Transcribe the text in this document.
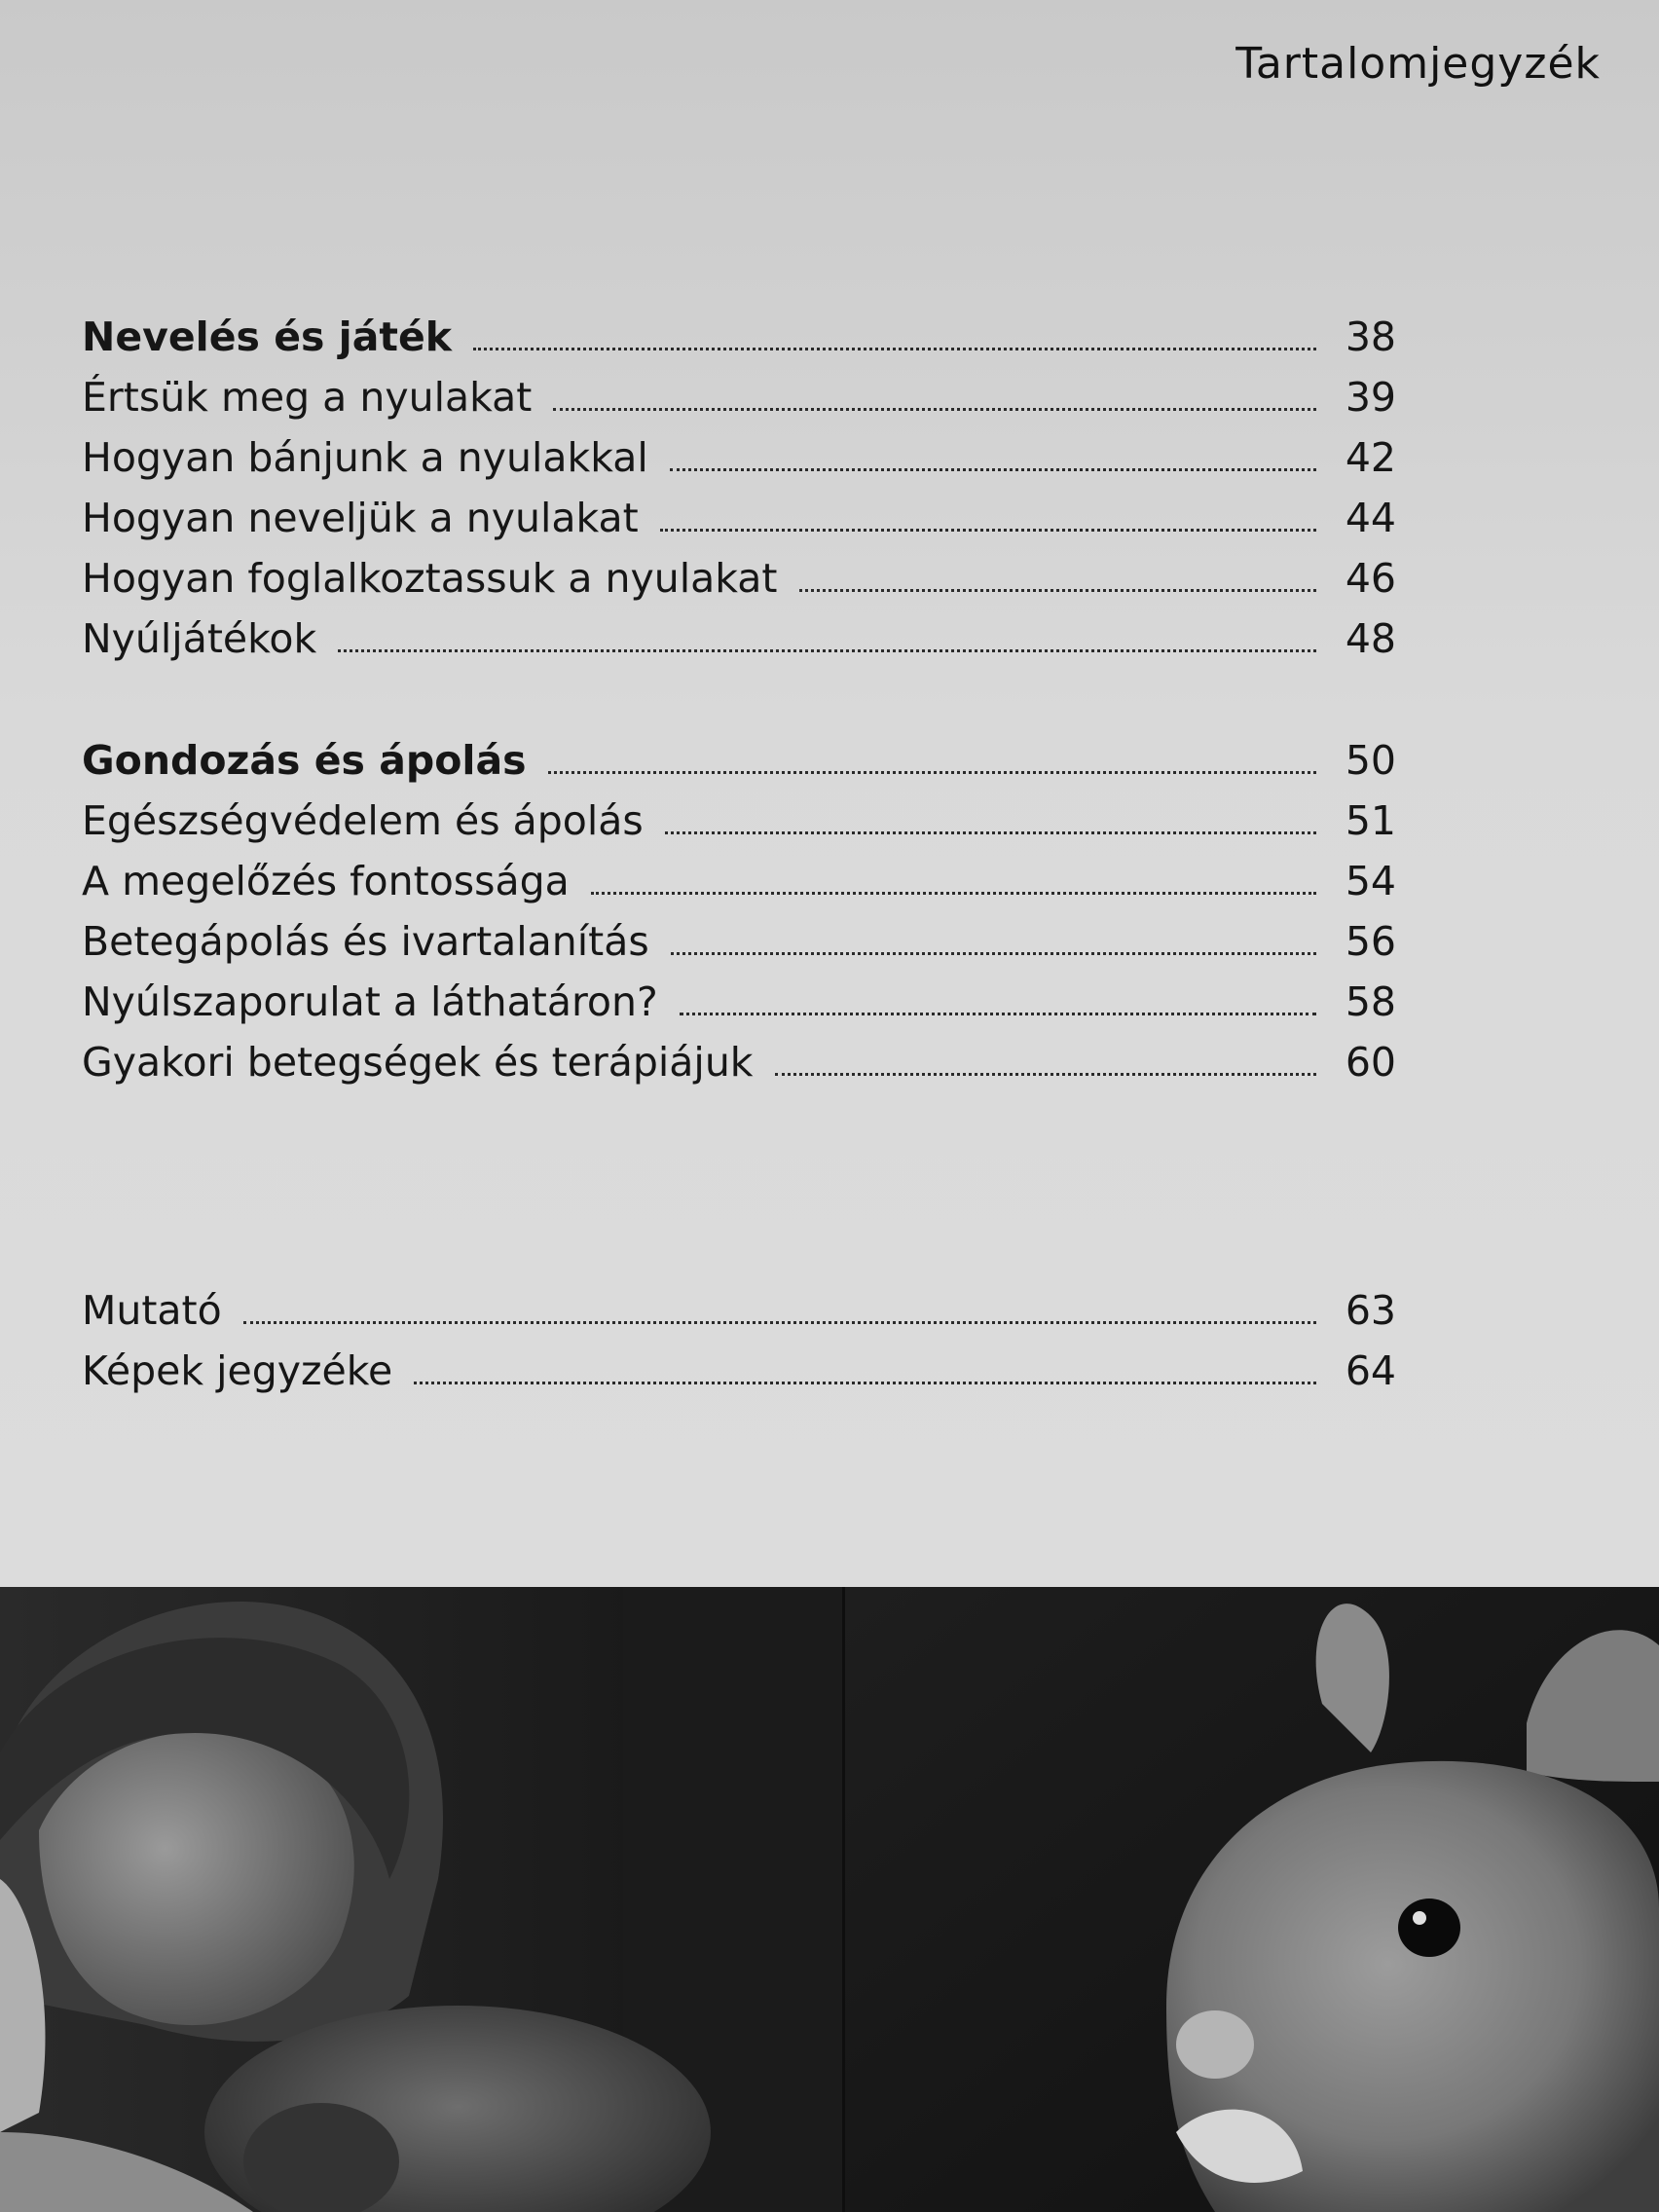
Tartalomjegyzék
Nevelés és játék	38
Értsük meg a nyulakat	39
Hogyan bánjunk a nyulakkal	42
Hogyan neveljük a nyulakat	44
Hogyan foglalkoztassuk a nyulakat	46
Nyúljátékok	48
Gondozás és ápolás	50
Egészségvédelem és ápolás	51
A megelőzés fontossága	54
Betegápolás és ivartalanítás	56
Nyúlszaporulat a láthatáron?	58
Gyakori betegségek és terápiájuk	60
Mutató	63
Képek jegyzéke	64
